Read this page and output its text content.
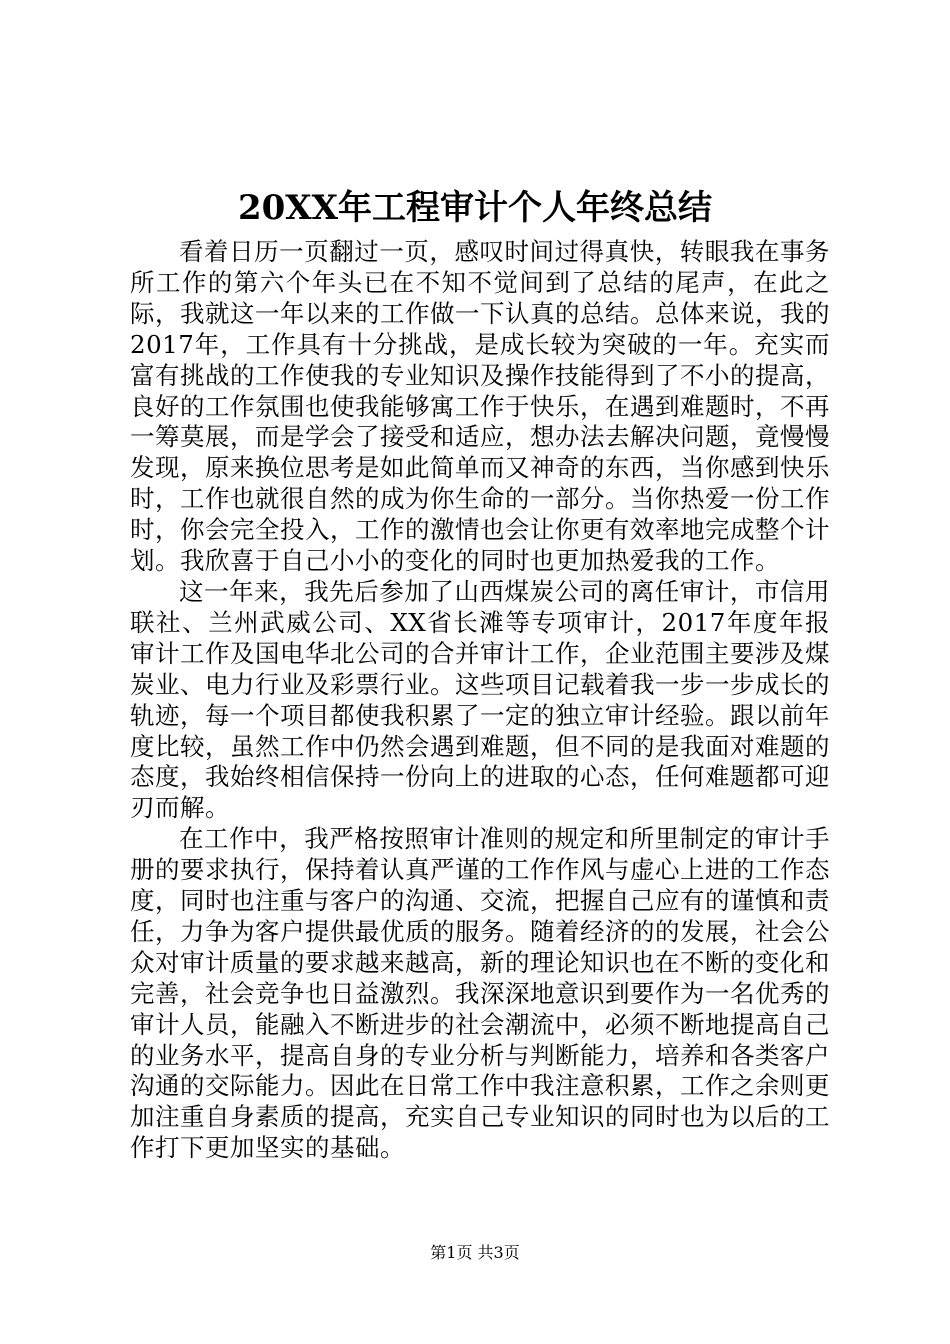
20XX年工程审计个人年终总结

看着日历一页翻过一页，感叹时间过得真快，转眼我在事务所工作的第六个年头已在不知不觉间到了总结的尾声，在此之际，我就这一年以来的工作做一下认真的总结。总体来说，我的2017年，工作具有十分挑战，是成长较为突破的一年。充实而富有挑战的工作使我的专业知识及操作技能得到了不小的提高，良好的工作氛围也使我能够寓工作于快乐，在遇到难题时，不再一筹莫展，而是学会了接受和适应，想办法去解决问题，竟慢慢发现，原来换位思考是如此简单而又神奇的东西，当你感到快乐时，工作也就很自然的成为你生命的一部分。当你热爱一份工作时，你会完全投入，工作的激情也会让你更有效率地完成整个计划。我欣喜于自己小小的变化的同时也更加热爱我的工作。

这一年来，我先后参加了山西煤炭公司的离任审计，市信用联社、兰州武威公司、XX省长滩等专项审计，2017年度年报审计工作及国电华北公司的合并审计工作，企业范围主要涉及煤炭业、电力行业及彩票行业。这些项目记载着我一步一步成长的轨迹，每一个项目都使我积累了一定的独立审计经验。跟以前年度比较，虽然工作中仍然会遇到难题，但不同的是我面对难题的态度，我始终相信保持一份向上的进取的心态，任何难题都可迎刃而解。

在工作中，我严格按照审计准则的规定和所里制定的审计手册的要求执行，保持着认真严谨的工作作风与虚心上进的工作态度，同时也注重与客户的沟通、交流，把握自己应有的谨慎和责任，力争为客户提供最优质的服务。随着经济的的发展，社会公众对审计质量的要求越来越高，新的理论知识也在不断的变化和完善，社会竞争也日益激烈。我深深地意识到要作为一名优秀的审计人员，能融入不断进步的社会潮流中，必须不断地提高自己的业务水平，提高自身的专业分析与判断能力，培养和各类客户沟通的交际能力。因此在日常工作中我注意积累，工作之余则更加注重自身素质的提高，充实自己专业知识的同时也为以后的工作打下更加坚实的基础。

第1页 共3页
